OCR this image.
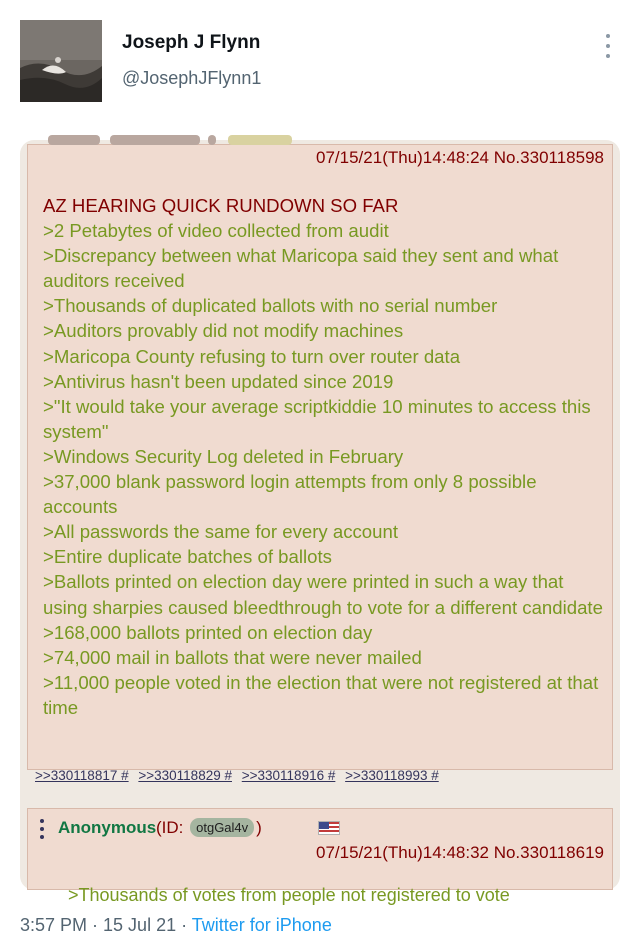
Joseph J Flynn
@JosephJFlynn1
07/15/21(Thu)14:48:24 No.330118598
AZ HEARING QUICK RUNDOWN SO FAR
>2 Petabytes of video collected from audit
>Discrepancy between what Maricopa said they sent and what auditors received
>Thousands of duplicated ballots with no serial number
>Auditors provably did not modify machines
>Maricopa County refusing to turn over router data
>Antivirus hasn't been updated since 2019
>"It would take your average scriptkiddie 10 minutes to access this system"
>Windows Security Log deleted in February
>37,000 blank password login attempts from only 8 possible accounts
>All passwords the same for every account
>Entire duplicate batches of ballots
>Ballots printed on election day were printed in such a way that using sharpies caused bleedthrough to vote for a different candidate
>168,000 ballots printed on election day
>74,000 mail in ballots that were never mailed
>11,000 people voted in the election that were not registered at that time
>>330118817 # >>330118829 # >>330118916 # >>330118993 #
Anonymous (ID: otgGal4v )
07/15/21(Thu)14:48:32 No.330118619
>Thousands of votes from people not registered to vote
3:57 PM · 15 Jul 21 · Twitter for iPhone
